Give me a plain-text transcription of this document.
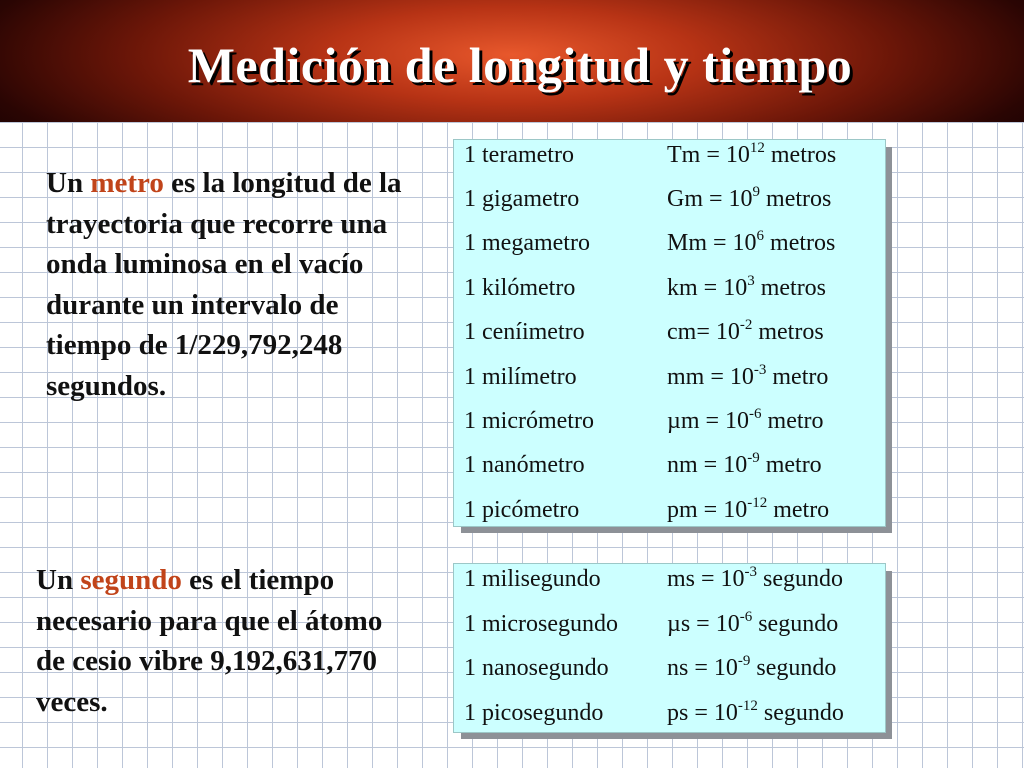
Medición de longitud y tiempo

Un metro es la longitud de la trayectoria que recorre una onda luminosa en el vacío durante un intervalo de tiempo de 1/229,792,248 segundos.

Un segundo es el tiempo necesario para que el átomo de cesio vibre 9,192,631,770 veces.

1 terametro	$Tm = 10^{12}$ metros
1 gigametro	$Gm = 10^9$ metros
1 megametro	$Mm = 10^6$ metros
1 kilómetro	km = $10^3$ metros
1 ceníimetro	$cm= 10^{-2}$ metros
1 milímetro	mm = $10^{-3}$ metro
1 micrómetro	$\mu m = 10^{-6}$ metro
1 nanómetro	nm = $10^{-9}$ metro
1 picómetro	pm = $10^{-12}$ metro
1 milisegundo	ms = $10^{-3}$ segundo
1 microsegundo $\mu s = 10^{-6}$ segundo
1 nanosegundo ns = $10^{-9}$ segundo
1 picosegundo	ps = $10^{-12}$ segundo
